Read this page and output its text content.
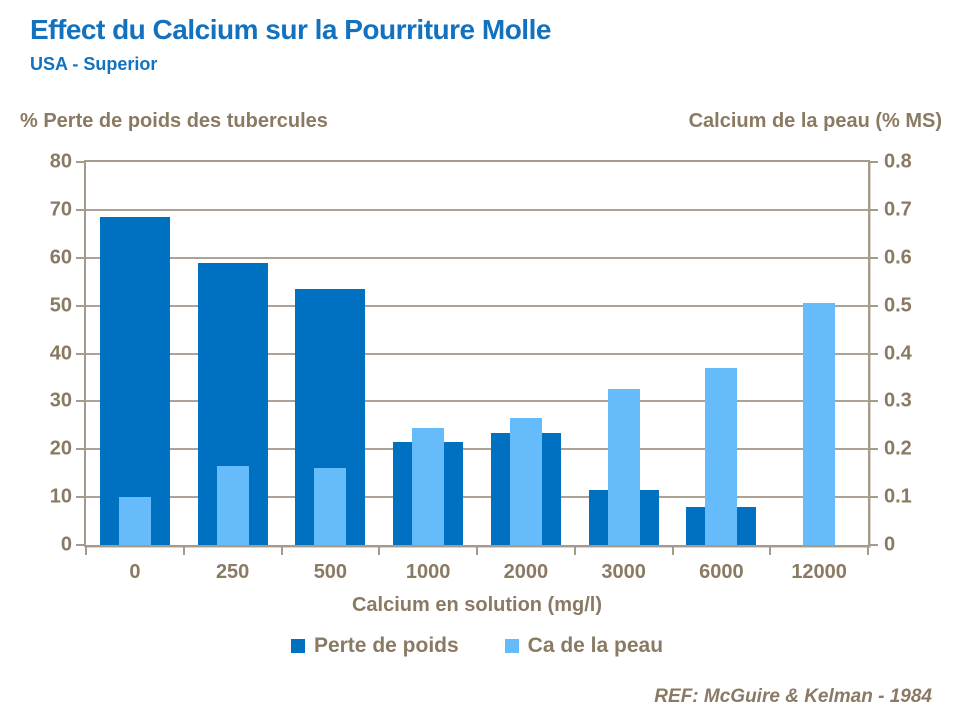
Effect du Calcium sur la Pourriture Molle
USA - Superior
% Perte de poids des tubercules	Calcium de la peau (% MS)
Calcium en solution (mg/l)
Perte de poids	Ca de la peau
REF: McGuire & Kelman - 1984
80	0.8
70	0.7
60	0.6
50	0.5
40	0.4
30	0.3
20	0.2
10	0.1
0	0
0	250	500	1000	2000	3000	6000 12000
